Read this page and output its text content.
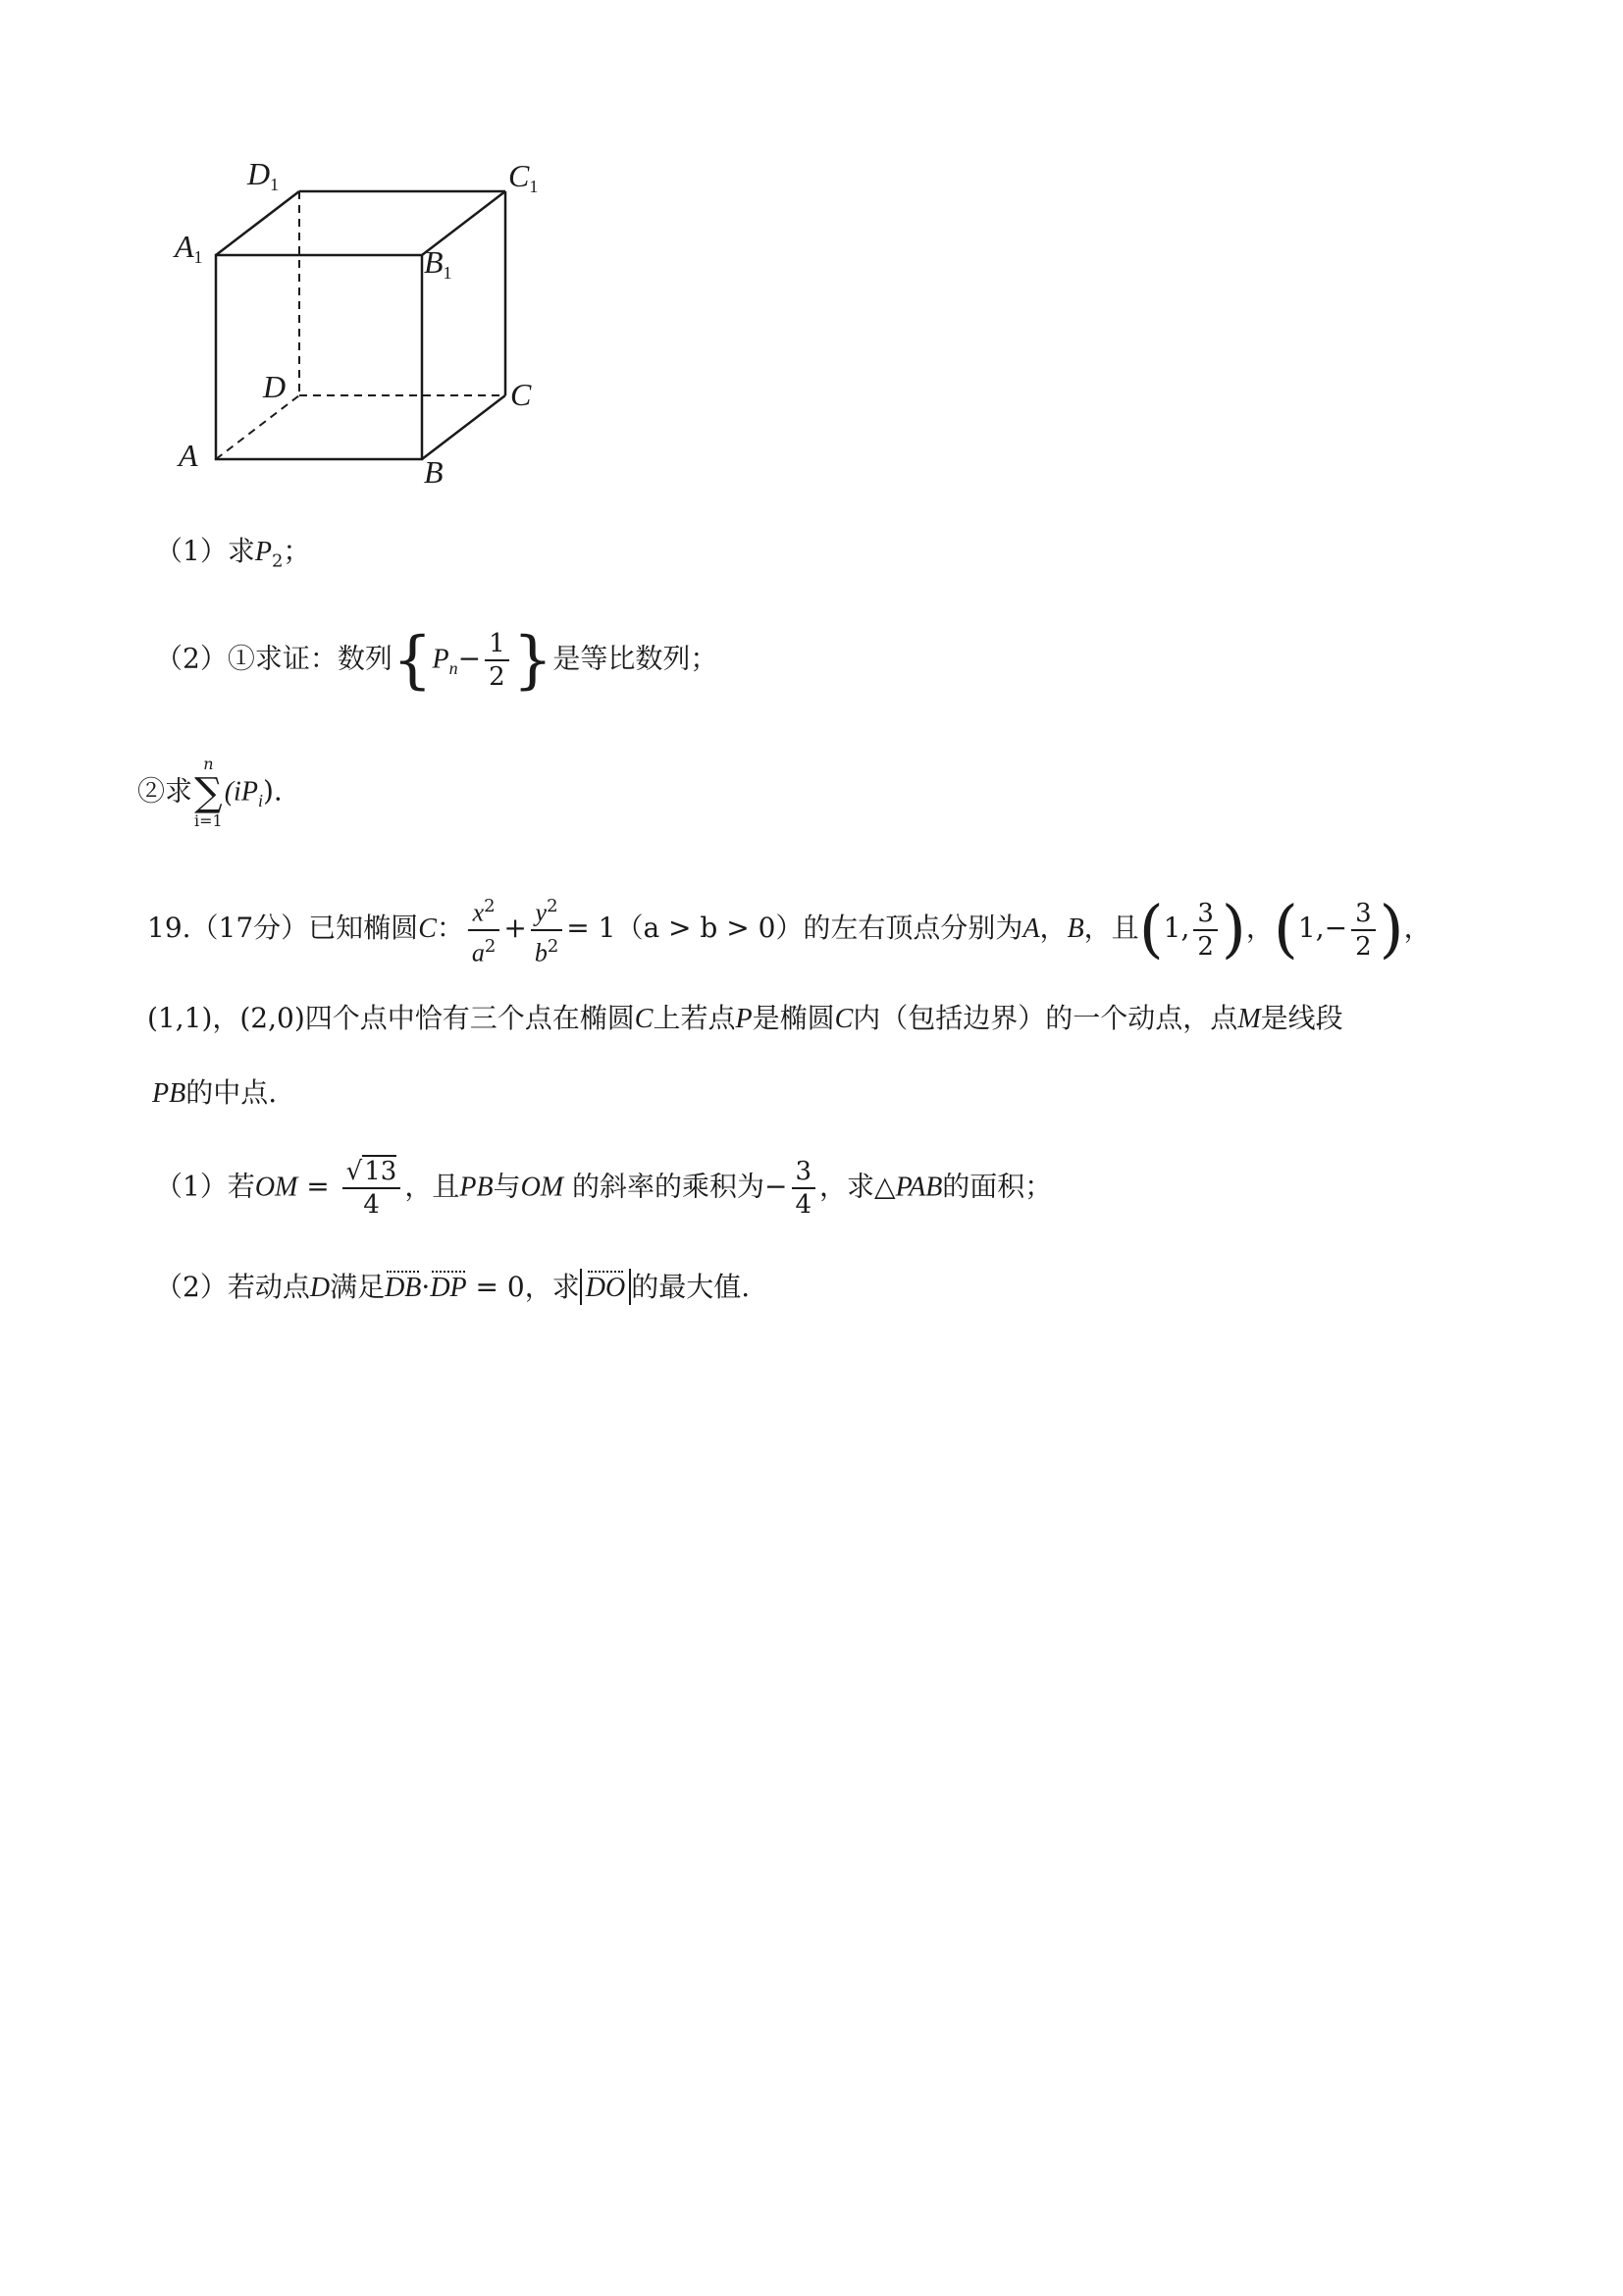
D1	C1
A1	B1
D	C
A	B
（1）求$P_2$；
（2）①求证：数列{$P_n- \frac{1}{2}$ }是等比数列；
②求
n
∑
i=1
$(iP_i)$.
19.（17分）已知椭圆C： $\frac{x^2}{a^2} + \frac{y^2}{b^2} = 1(a > b > 0)$的左右顶点分别为A，B，且(1, $\frac{3}{2}$ )，($1,- \frac{3}{2}$ )，
(1,1)，(2,0)四个点中恰有三个点在椭圆C上若点P是椭圆C内（包括边界）的一个动点，点M是线段
PB的中点.
（1）若OM = $\frac{√13}{4}$ ，且PB与OM 的斜率的乘积为− $\frac{3}{4}$ ，求△PAB的面积；
（2）若动点D满足DB·DP = 0，求 DO 的最大值.
